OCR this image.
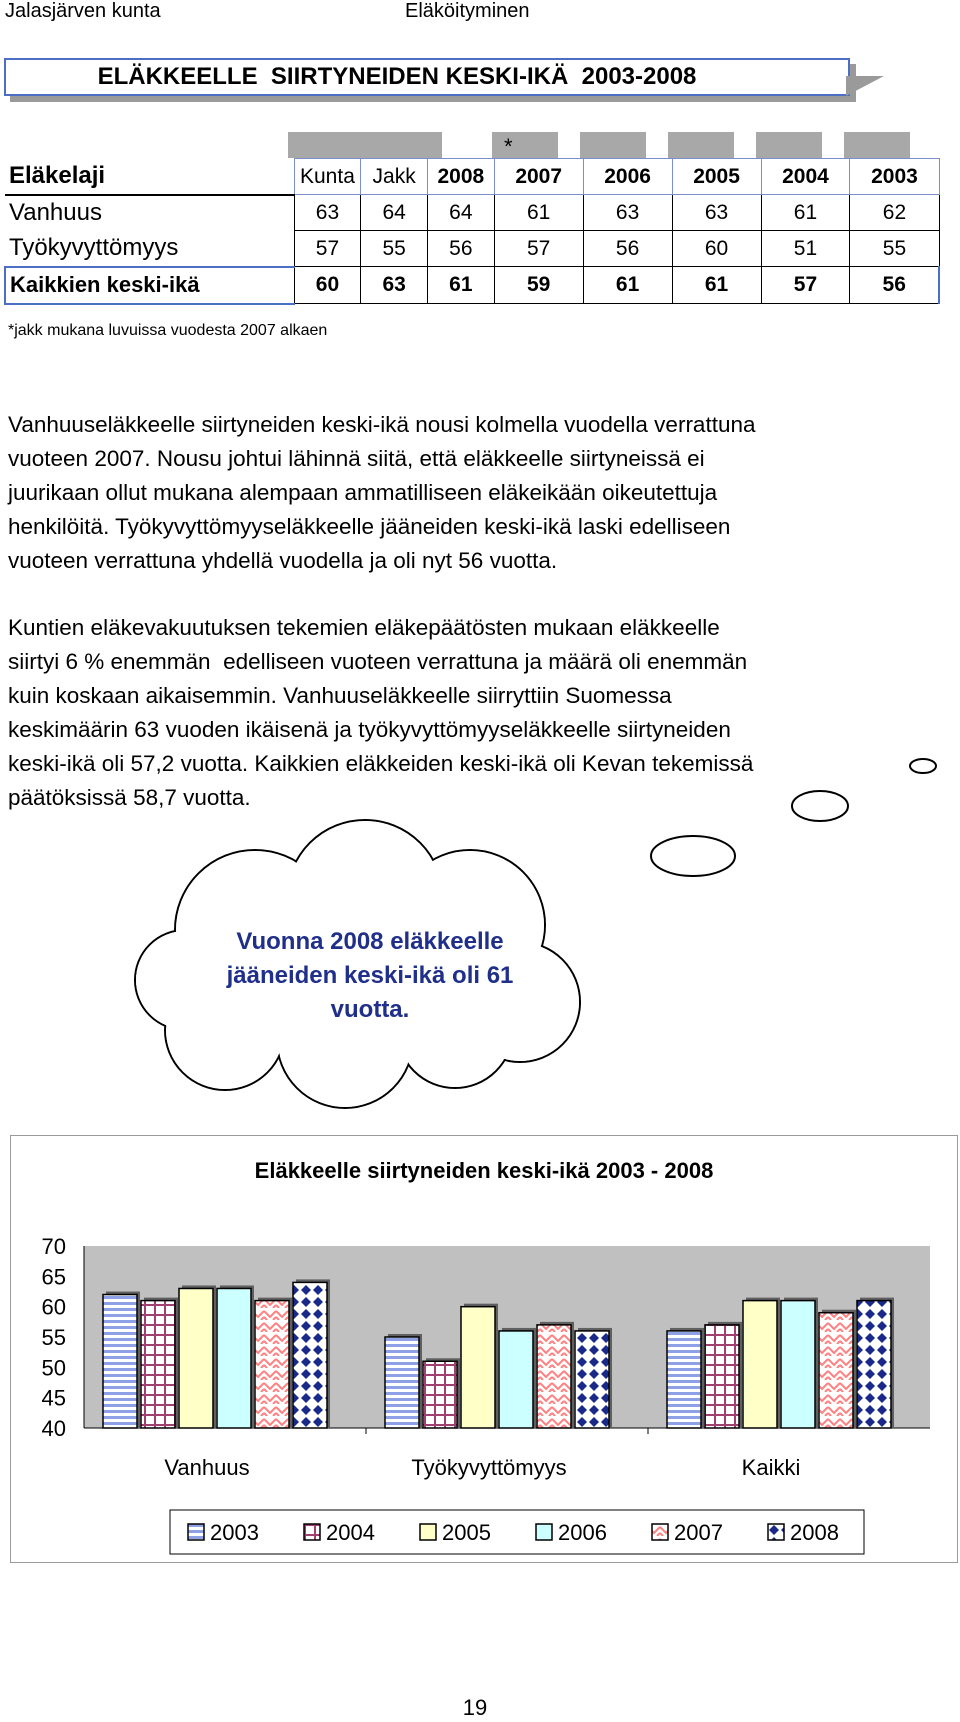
Jalasjärven kunta	Eläköityminen
ELÄKKEELLE  SIIRTYNEIDEN KESKI-IKÄ  2003-2008
*
Eläkelaji	Kunta	Jakk	2008	2007	2006	2005	2004	2003
Vanhuus	63	64	64	61	63	63	61	62
Työkyvyttömyys	57	55	56	57	56	60	51	55
Kaikkien keski-ikä	60	63	61	59	61	61	57	56
*jakk mukana luvuissa vuodesta 2007 alkaen

Vanhuuseläkkeelle siirtyneiden keski-ikä nousi kolmella vuodella verrattuna
vuoteen 2007. Nousu johtui lähinnä siitä, että eläkkeelle siirtyneissä ei
juurikaan ollut mukana alempaan ammatilliseen eläkeikään oikeutettuja
henkilöitä. Työkyvyttömyyseläkkeelle jääneiden keski-ikä laski edelliseen
vuoteen verrattuna yhdellä vuodella ja oli nyt 56 vuotta.

Kuntien eläkevakuutuksen tekemien eläkepäätösten mukaan eläkkeelle
siirtyi 6 % enemmän  edelliseen vuoteen verrattuna ja määrä oli enemmän
kuin koskaan aikaisemmin. Vanhuuseläkkeelle siirryttiin Suomessa
keskimäärin 63 vuoden ikäisenä ja työkyvyttömyyseläkkeelle siirtyneiden
keski-ikä oli 57,2 vuotta. Kaikkien eläkkeiden keski-ikä oli Kevan tekemissä
päätöksissä 58,7 vuotta.

Vuonna 2008 eläkkeelle
jääneiden keski-ikä oli 61
vuotta.
Eläkkeelle siirtyneiden keski-ikä 2003 - 2008
40
45
50
55
60
65
70
Vanhuus	Työkyvyttömyys	Kaikki
2003	2004	2005	2006	2007	2008
19
